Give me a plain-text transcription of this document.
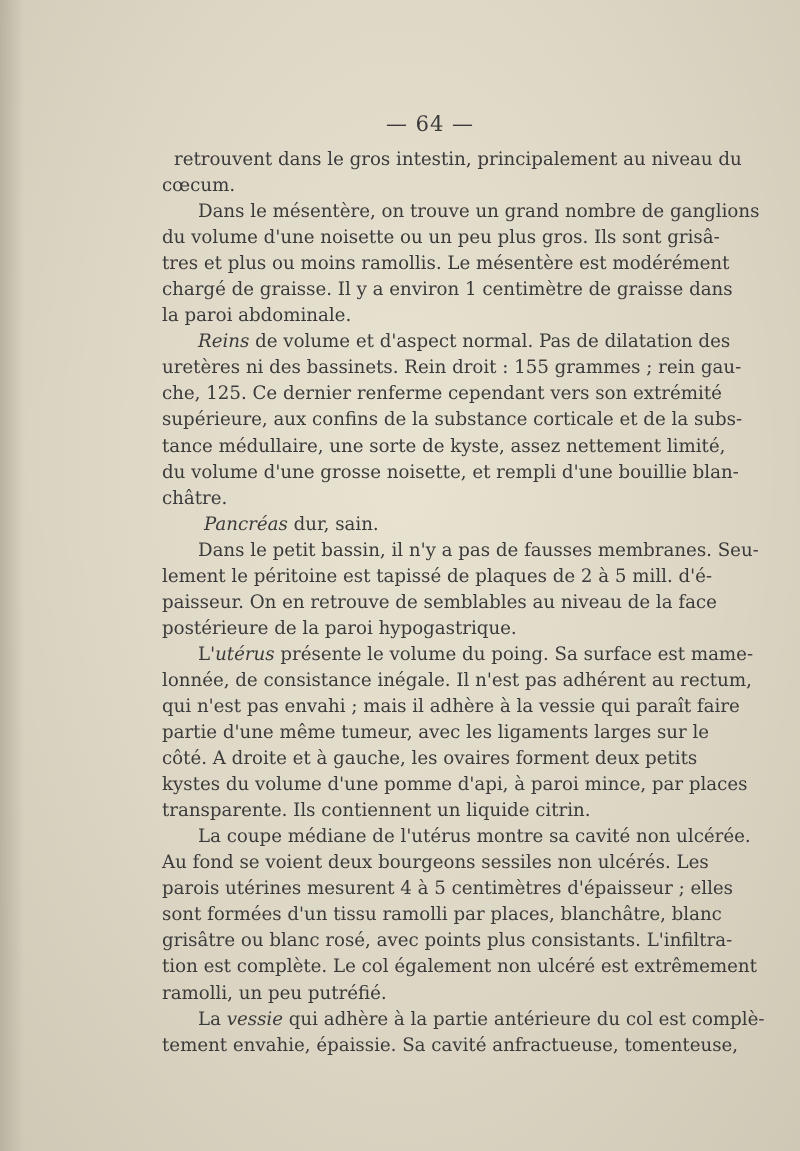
— 64 —
retrouvent dans le gros intestin, principalement au niveau du
cœcum.
Dans le mésentère, on trouve un grand nombre de ganglions
du volume d'une noisette ou un peu plus gros. Ils sont grisâ-
tres et plus ou moins ramollis. Le mésentère est modérément
chargé de graisse. Il y a environ 1 centimètre de graisse dans
la paroi abdominale.
Reins de volume et d'aspect normal. Pas de dilatation des
uretères ni des bassinets. Rein droit : 155 grammes ; rein gau-
che, 125. Ce dernier renferme cependant vers son extrémité
supérieure, aux confins de la substance corticale et de la subs-
tance médullaire, une sorte de kyste, assez nettement limité,
du volume d'une grosse noisette, et rempli d'une bouillie blan-
châtre.
Pancréas dur, sain.
Dans le petit bassin, il n'y a pas de fausses membranes. Seu-
lement le péritoine est tapissé de plaques de 2 à 5 mill. d'é-
paisseur. On en retrouve de semblables au niveau de la face
postérieure de la paroi hypogastrique.
L'utérus présente le volume du poing. Sa surface est mame-
lonnée, de consistance inégale. Il n'est pas adhérent au rectum,
qui n'est pas envahi ; mais il adhère à la vessie qui paraît faire
partie d'une même tumeur, avec les ligaments larges sur le
côté. A droite et à gauche, les ovaires forment deux petits
kystes du volume d'une pomme d'api, à paroi mince, par places
transparente. Ils contiennent un liquide citrin.
La coupe médiane de l'utérus montre sa cavité non ulcérée.
Au fond se voient deux bourgeons sessiles non ulcérés. Les
parois utérines mesurent 4 à 5 centimètres d'épaisseur ; elles
sont formées d'un tissu ramolli par places, blanchâtre, blanc
grisâtre ou blanc rosé, avec points plus consistants. L'infiltra-
tion est complète. Le col également non ulcéré est extrêmement
ramolli, un peu putréfié.
La vessie qui adhère à la partie antérieure du col est complè-
tement envahie, épaissie. Sa cavité anfractueuse, tomenteuse,
